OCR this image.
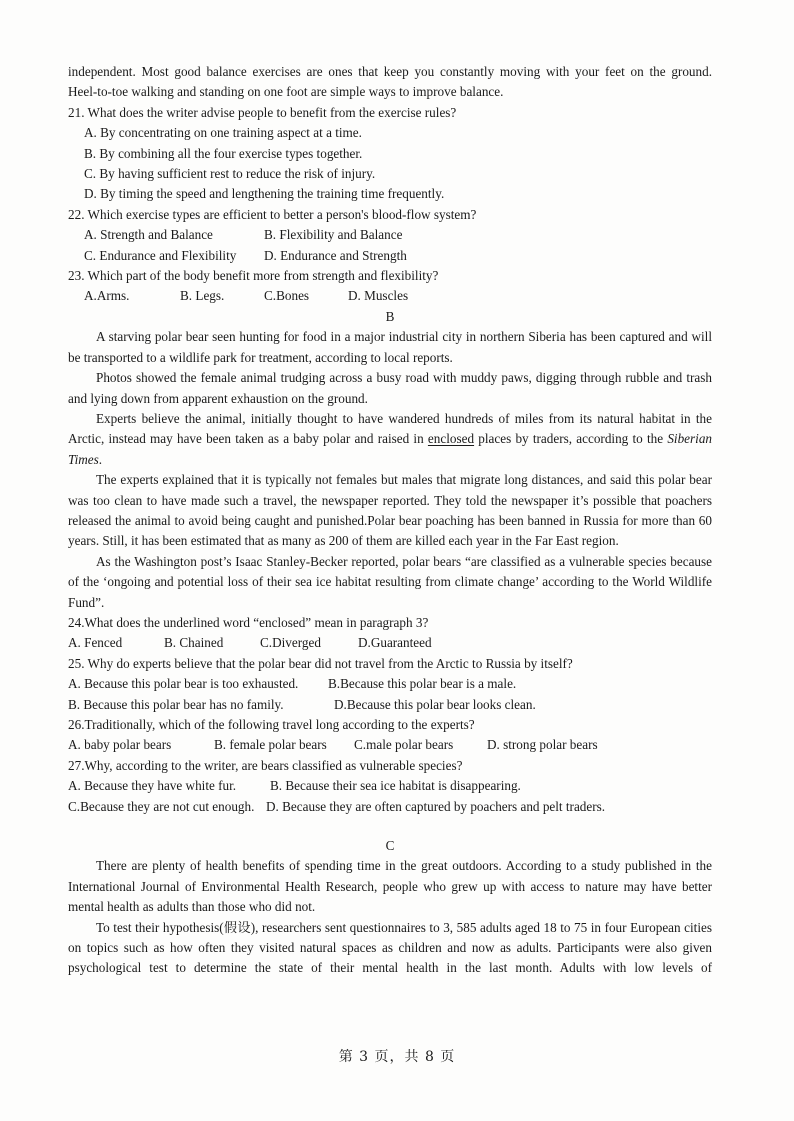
independent. Most good balance exercises are ones that keep you constantly moving with your feet on the ground.

Heel-to-toe walking and standing on one foot are simple ways to improve balance.

21. What does the writer advise people to benefit from the exercise rules?

A. By concentrating on one training aspect at a time.

B. By combining all the four exercise types together.

C. By having sufficient rest to reduce the risk of injury.

D. By timing the speed and lengthening the training time frequently.

22. Which exercise types are efficient to better a person's blood-flow system?

A. Strength and Balance	B. Flexibility and Balance
C. Endurance and Flexibility	D. Endurance and Strength

23. Which part of the body benefit more from strength and flexibility?

A.Arms.	B. Legs.	C.Bones	D. Muscles

B

A starving polar bear seen hunting for food in a major industrial city in northern Siberia has been captured and will be transported to a wildlife park for treatment, according to local reports.

Photos showed the female animal trudging across a busy road with muddy paws, digging through rubble and trash and lying down from apparent exhaustion on the ground.

Experts believe the animal, initially thought to have wandered hundreds of miles from its natural habitat in the Arctic, instead may have been taken as a baby polar and raised in enclosed places by traders, according to the Siberian Times.

The experts explained that it is typically not females but males that migrate long distances, and said this polar bear was too clean to have made such a travel, the newspaper reported. They told the newspaper it’s possible that poachers released the animal to avoid being caught and punished.Polar bear poaching has been banned in Russia for more than 60 years. Still, it has been estimated that as many as 200 of them are killed each year in the Far East region.

As the Washington post’s Isaac Stanley-Becker reported, polar bears “are classified as a vulnerable species because of the ‘ongoing and potential loss of their sea ice habitat resulting from climate change’ according to the World Wildlife Fund”.

24.What does the underlined word “enclosed” mean in paragraph 3?

A. Fenced	B. Chained	C.Diverged	D.Guaranteed

25. Why do experts believe that the polar bear did not travel from the Arctic to Russia by itself?

A. Because this polar bear is too exhausted.	B.Because this polar bear is a male.
B. Because this polar bear has no family.	D.Because this polar bear looks clean.

26.Traditionally, which of the following travel long according to the experts?

A. baby polar bears	B. female polar bears	C.male polar bears	D. strong polar bears

27.Why, according to the writer, are bears classified as vulnerable species?

A. Because they have white fur.	B. Because their sea ice habitat is disappearing.
C.Because they are not cut enough. D. Because they are often captured by poachers and pelt traders.

C

There are plenty of health benefits of spending time in the great outdoors. According to a study published in the International Journal of Environmental Health Research, people who grew up with access to nature may have better mental health as adults than those who did not.

To test their hypothesis(假设), researchers sent questionnaires to 3, 585 adults aged 18 to 75 in four European cities on topics such as how often they visited natural spaces as children and now as adults. Participants were also given psychological test to determine the state of their mental health in the last month. Adults with low levels of

第 3 页，共 8 页
